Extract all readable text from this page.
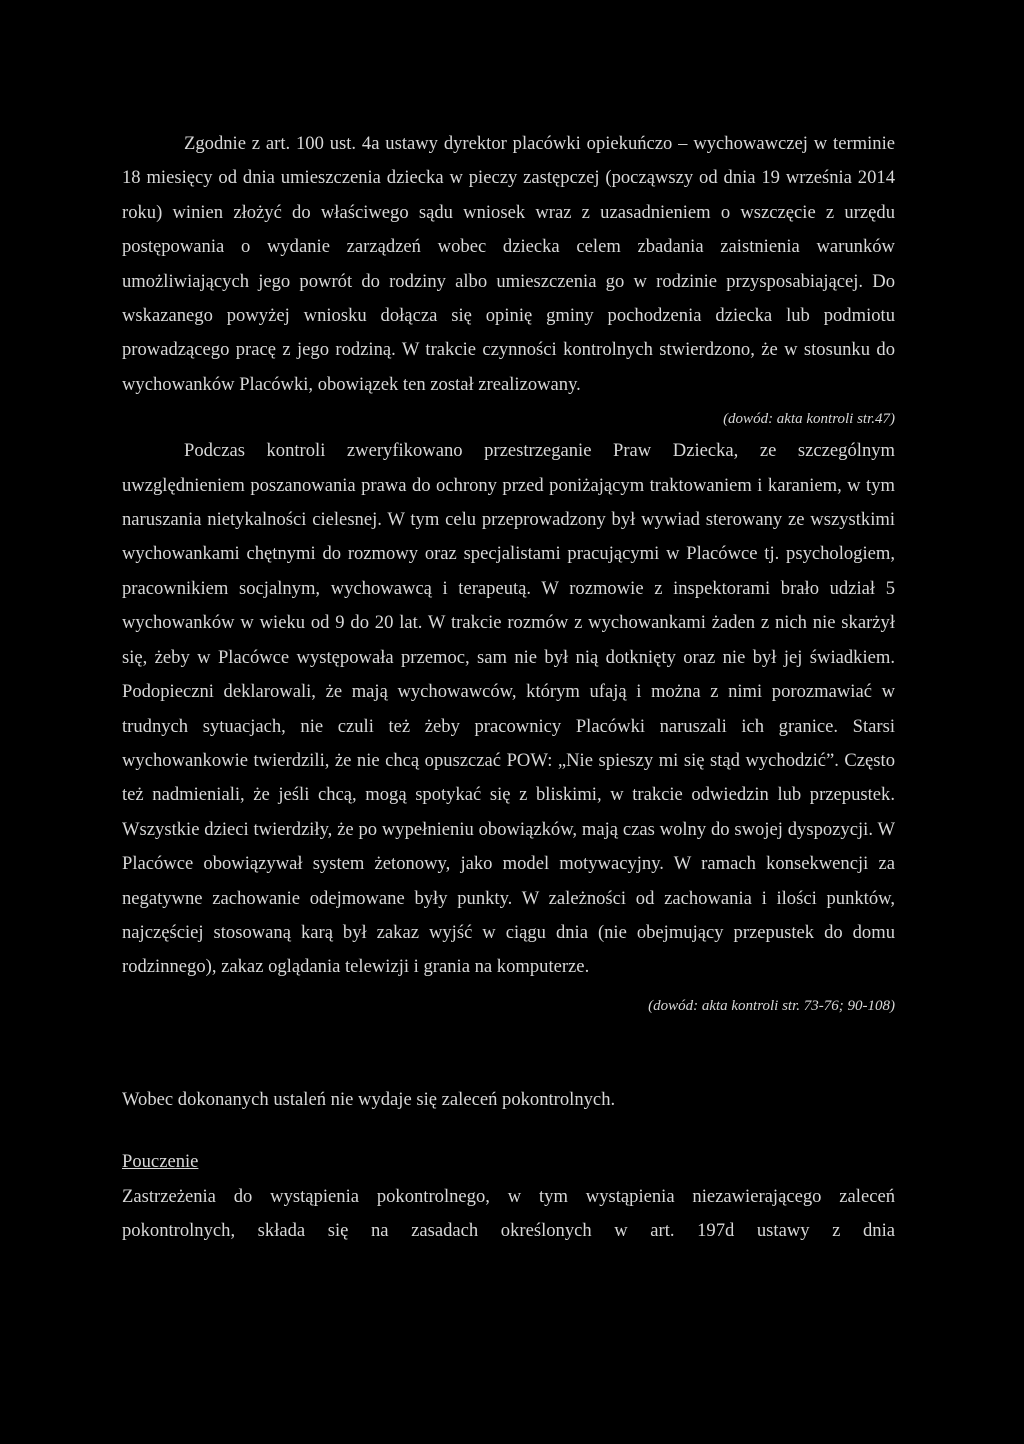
Zgodnie z art. 100 ust. 4a ustawy dyrektor placówki opiekuńczo – wychowawczej w terminie 18 miesięcy od dnia umieszczenia dziecka w pieczy zastępczej (począwszy od dnia 19 września 2014 roku) winien złożyć do właściwego sądu wniosek wraz z uzasadnieniem o wszczęcie z urzędu postępowania o wydanie zarządzeń wobec dziecka celem zbadania zaistnienia warunków umożliwiających jego powrót do rodziny albo umieszczenia go w rodzinie przysposabiającej. Do wskazanego powyżej wniosku dołącza się opinię gminy pochodzenia dziecka lub podmiotu prowadzącego pracę z jego rodziną. W trakcie czynności kontrolnych stwierdzono, że w stosunku do wychowanków Placówki, obowiązek ten został zrealizowany.

(dowód: akta kontroli str.47)

Podczas kontroli zweryfikowano przestrzeganie Praw Dziecka, ze szczególnym uwzględnieniem poszanowania prawa do ochrony przed poniżającym traktowaniem i karaniem, w tym naruszania nietykalności cielesnej. W tym celu przeprowadzony był wywiad sterowany ze wszystkimi wychowankami chętnymi do rozmowy oraz specjalistami pracującymi w Placówce tj. psychologiem, pracownikiem socjalnym, wychowawcą i terapeutą. W rozmowie z inspektorami brało udział 5 wychowanków w wieku od 9 do 20 lat. W trakcie rozmów z wychowankami żaden z nich nie skarżył się, żeby w Placówce występowała przemoc, sam nie był nią dotknięty oraz nie był jej świadkiem. Podopieczni deklarowali, że mają wychowawców, którym ufają i można z nimi porozmawiać w trudnych sytuacjach, nie czuli też żeby pracownicy Placówki naruszali ich granice. Starsi wychowankowie twierdzili, że nie chcą opuszczać POW: „Nie spieszy mi się stąd wychodzić”. Często też nadmieniali, że jeśli chcą, mogą spotykać się z bliskimi, w trakcie odwiedzin lub przepustek. Wszystkie dzieci twierdziły, że po wypełnieniu obowiązków, mają czas wolny do swojej dyspozycji. W Placówce obowiązywał system żetonowy, jako model motywacyjny. W ramach konsekwencji za negatywne zachowanie odejmowane były punkty. W zależności od zachowania i ilości punktów, najczęściej stosowaną karą był zakaz wyjść w ciągu dnia (nie obejmujący przepustek do domu rodzinnego), zakaz oglądania telewizji i grania na komputerze.

(dowód: akta kontroli str. 73-76; 90-108)

Wobec dokonanych ustaleń nie wydaje się zaleceń pokontrolnych.

Pouczenie

Zastrzeżenia do wystąpienia pokontrolnego, w tym wystąpienia niezawierającego zaleceń pokontrolnych, składa się na zasadach określonych w art. 197d ustawy z dnia
